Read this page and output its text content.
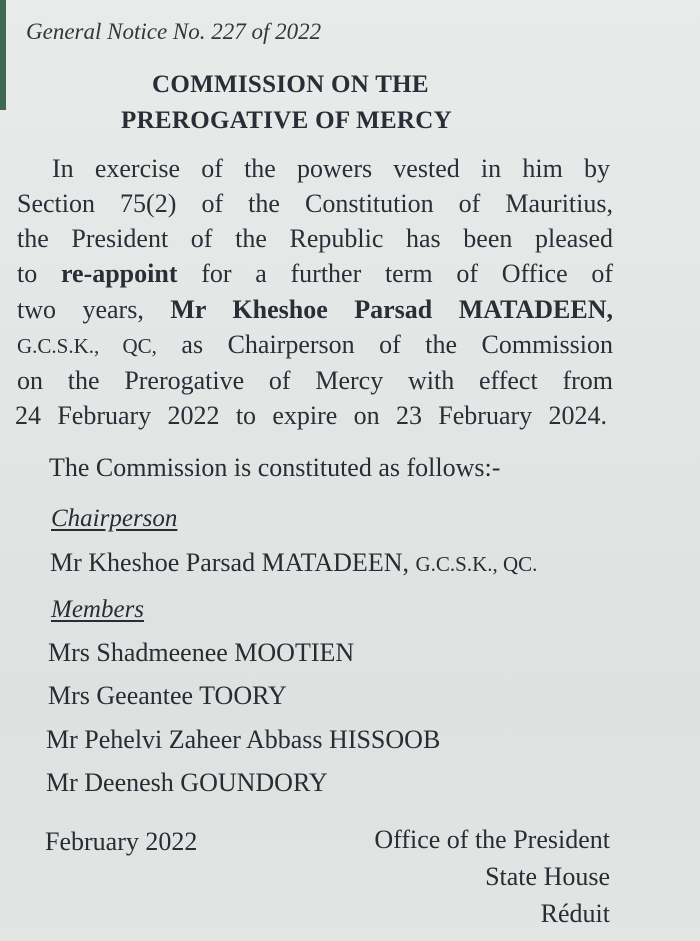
General Notice No. 227 of 2022
COMMISSION ON THE
PREROGATIVE OF MERCY
In exercise of the powers vested in him by
Section 75(2) of the Constitution of Mauritius,
the President of the Republic has been pleased
to re-appoint for a further term of Office of
two years, Mr Kheshoe Parsad MATADEEN,
G.C.S.K., QC, as Chairperson of the Commission
on the Prerogative of Mercy with effect from
24 February 2022 to expire on 23 February 2024.
The Commission is constituted as follows:-
Chairperson
Mr Kheshoe Parsad MATADEEN, G.C.S.K., QC.
Members
Mrs Shadmeenee MOOTIEN
Mrs Geeantee TOORY
Mr Pehelvi Zaheer Abbass HISSOOB
Mr Deenesh GOUNDORY
February 2022	Office of the President
State House
Réduit
